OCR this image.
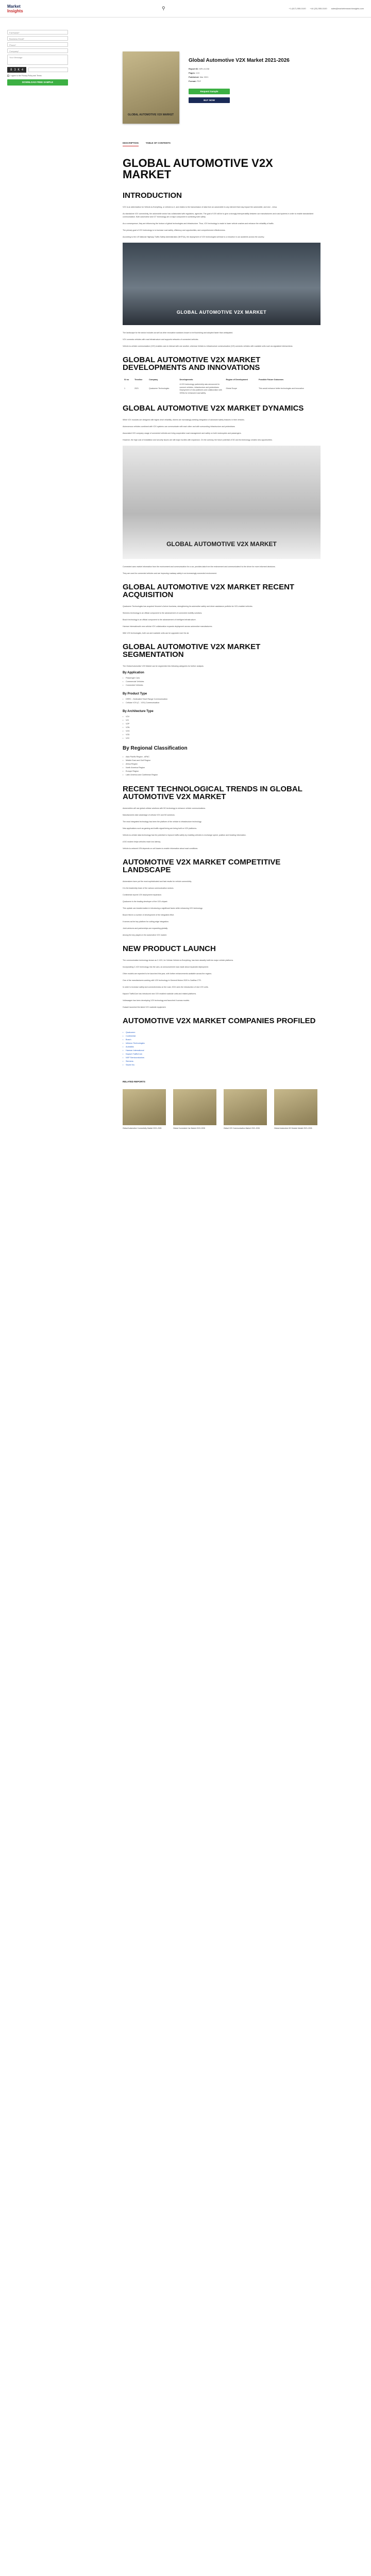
Market
Insights	⚲	+1 (617) 555-0100 +44 (20) 555-0100 sales@marketresearchinsights.com
Full Name*
Business Email*
Phone*
Company*
Your Message
8 3 K 4
I agree to the Privacy Policy and Terms
DOWNLOAD FREE SAMPLE
GLOBAL AUTOMOTIVE V2X MARKET
Global Automotive V2X Market 2021-2026
Report ID: MRI-41238
Pages: 124
Published: Mar 2021
Format: PDF
Request Sample
BUY NOW
DESCRIPTION	TABLE OF CONTENTS
GLOBAL AUTOMOTIVE V2X MARKET
INTRODUCTION

V2X is an abbreviation for Vehicle-to-Everything, or vehicle-to-X, and relates to the transmission of data from an automobile to any element that may impact the automobile, and vice - versa.

As standalone V2X connectivity, the automobile sector has collaborated with regulators, agencies. The goal of V2X will be to give a strongly interoperability between car manufacturers and road systems in order to enable standardized communication. Both automotive and ICT technology are a major component in achieving both safety.

As a consequence, they are influencing the horizon of global technologies and infrastructure. Thus, V2X technology is made to lower vehicle crashes and enhance the reliability of traffic.

The primary goal of V2X technology is to increase road safety, efficiency and opportunities, and comprehensive effectiveness.

According to the US National Highway Traffic Safety Administration (NHTSA), the deployment of V2X technologies will lead to a reduction in car accidents across the country.

GLOBAL AUTOMOTIVE V2X MARKET

The landscape for the sector includes as well as other innovative solutions known to be flourishing and adopted faster than anticipated.

V2X connects vehicles with road infrastructure and supports networks of connected vehicles.

Vehicle-to-vehicle communication (V2V) enables cars to interact with one another, whereas Vehicle-to-Infrastructure communication (V2I) connects vehicles with roadside units such as signalized intersections.

GLOBAL AUTOMOTIVE V2X MARKET DEVELOPMENTS AND INNOVATIONS
Sl no	Timeline	Company	Developments	Region of Development	Possible Future Outcomes
1	2021	Qualcomm Technologies	A V2X technology partnership was announced to connect vehicles, infrastructure and pedestrians. Deployment of new platforms and collaboration with OEMs for enhanced road safety.	Global Scope	This would enhance better technologies and innovation
GLOBAL AUTOMOTIVE V2X MARKET DYNAMICS

While V2X modules are designed with higher-level reliability, drivers are increasingly seeking integration of advanced safety features in their vehicles.

Autonomous vehicles combined with V2X systems can communicate with each other and with surrounding infrastructure and pedestrians.

Associated V2X company usage of connected vehicles are bring cooperative road management and safety on both motorcycles and passengers.

However, the high cost of installation and security issues are still major hurdles with expansion. On the contrary, the future potential of 5G and its technology creates new opportunities.

GLOBAL AUTOMOTIVE V2X MARKET

Connected vans market information from the environment and communication for a car, provides data from the environment and communicates it to the driver for more informed decisions.

They are used for connected vehicles and are improving roadway safety in an increasingly connected environment.

GLOBAL AUTOMOTIVE V2X MARKET RECENT ACQUISITION

Qualcomm Technologies has acquired Veoneer's Arriver business, strengthening its automotive safety and driver assistance portfolio for V2X-enabled vehicles.

Siemens technology is an official component to the advancement of connected mobility solutions.

Bosch technology is an official component to the advancement of intelligent infrastructure.

Harman International's new cellular V2X collaboration expands deployment across automotive manufacturers.

With V2X technologies, both car and roadside units can be upgraded over the air.

GLOBAL AUTOMOTIVE V2X MARKET SEGMENTATION

The Global Automotive V2X Market can be segmented into following categories for further analysis.

By Application
• Passenger Cars
• Commercial Vehicles
• Connected Vehicles
By Product Type
• DSRC - Dedicated Short Range Communication
• Cellular V2X (C - V2X) Communication
By Architecture Type
• V2V
• V2I
• V2P
• V2N
• V2G
• V2D
• V2C
By Regional Classification
• Asia Pacific Region - APAC
• Middle East and Gulf Region
• Africa Region
• North America Region
• Europe Region
• Latin America and Caribbean Region
RECENT TECHNOLOGICAL TRENDS IN GLOBAL AUTOMOTIVE V2X MARKET

Automobiles will use global cellular solutions with 5G technology to enhance vehicle communications.

Manufacturers take advantage of cellular V2X and 5G solutions.

The most integrated technology has been the platform of the vehicle to infrastructure technology.

New applications such as gaming and traffic signal timing are being built on V2X platforms.

Vehicle-to-vehicle data technology has the potential to improve traffic safety by enabling vehicles to exchange speed, position and heading information.

A 5G modem helps vehicles reach low latency.

Vehicle-to-network V2N depends on cell towers to enable information about road conditions.

AUTOMOTIVE V2X MARKET COMPETITIVE LANDSCAPE

Automakers have put the most sophisticated and fast results for vehicle connectivity.

It is the leadership team of the various communication sectors.

Continental reports V2X deployment expansion.

Qualcomm is the leading developer of the V2X chipset.

This update can transformation in introducing a significant factor while enhancing V2X technology.

Bosch filed in a number of development of the integrated effort.

It serves as the key platform for cutting-edge integration.

Joint ventures and partnerships are expanding globally.

Among the key players in the automotive V2X market.

NEW PRODUCT LAUNCH

The communication technology known as C-V2X, for Cellular Vehicle-to-Everything, has been steadily built into major vehicle platforms.

Incorporating C-V2X technology into the cars, an announcement was made about expanded deployment.

Other models are expected to be launched this year, with further enhancements available across the regions.

One of the manufacturers working with V2X technology in General Motors 2020 is Cadillac CTS.

In order to increase safety and connectiveness on the road, 2021 sees the introduction of new V2X units.

Kapsch TrafficCom has introduced new V2X enabled roadside units and related platforms.

Volkswagen has been developing V2X technology and launched it across models.

Huawei launched the latest V2X roadside equipment.

AUTOMOTIVE V2X MARKET COMPANIES PROFILED
• Qualcomm
• Continental
• Bosch
• Infineon Technologies
• Autotalks
• Harman International
• Kapsch TrafficCom
• NXP Semiconductors
• Siemens
• Savari Inc.
RELATED REPORTS
Global Automotive Connectivity Market 2021-2026	Global Connected Car Market 2021-2026	Global V2V Communication Market 2021-2026	Global Automotive 5G Module Market 2021-2026
